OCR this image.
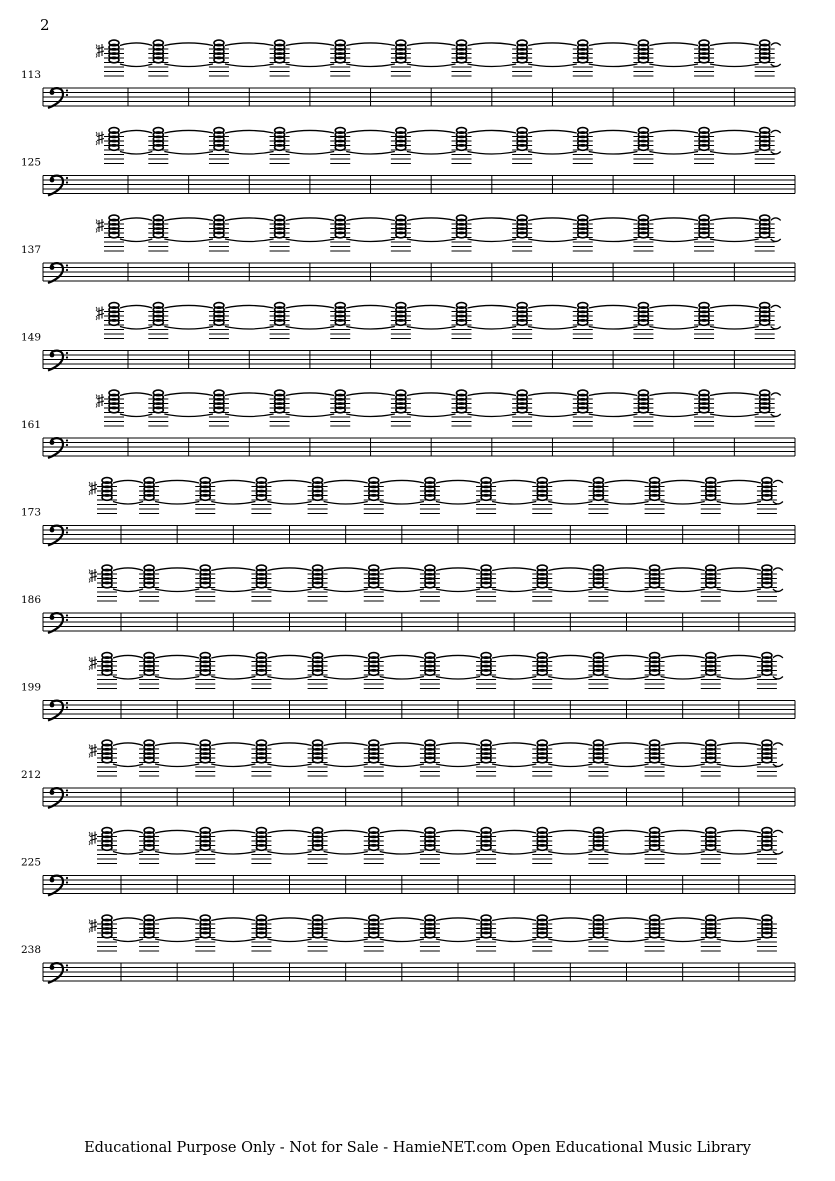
2
113
125
137
149
161
173
186
199
212
225
238
Educational Purpose Only - Not for Sale - HamieNET.com Open Educational Music Library
